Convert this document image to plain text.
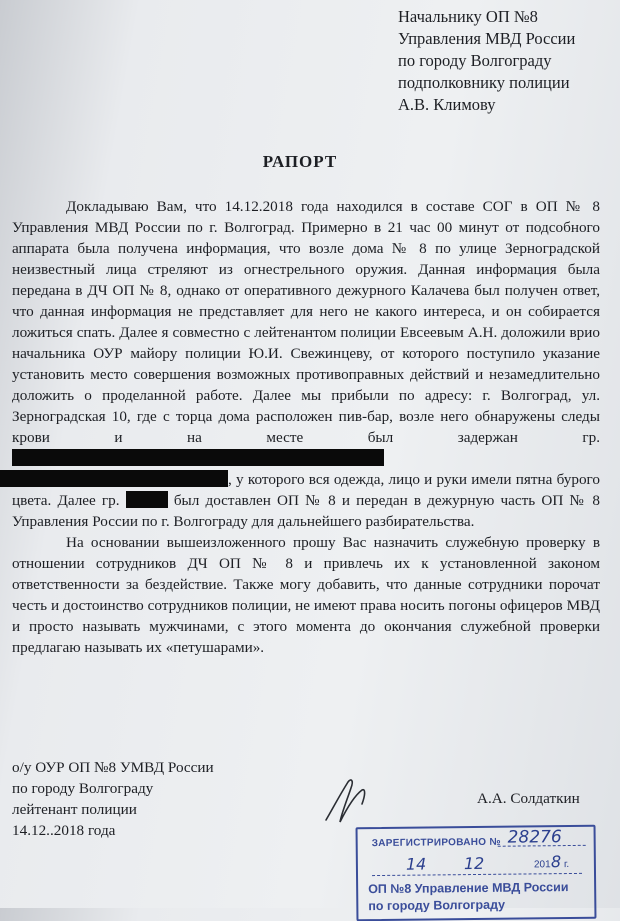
Начальнику ОП №8
Управления МВД России
по городу Волгограду
подполковнику полиции
А.В. Климову
РАПОРТ

Докладываю Вам, что 14.12.2018 года находился в составе СОГ в ОП № 8 Управления МВД России по г. Волгоград. Примерно в 21 час 00 минут от подсобного аппарата была получена информация, что возле дома № 8 по улице Зерноградской неизвестный лица стреляют из огнестрельного оружия. Данная информация была передана в ДЧ ОП № 8, однако от оперативного дежурного Калачева был получен ответ, что данная информация не представляет для него не какого интереса, и он собирается ложиться спать. Далее я совместно с лейтенантом полиции Евсеевым А.Н. доложили врио начальника ОУР майору полиции Ю.И. Свежинцеву, от которого поступило указание установить место совершения возможных противоправных действий и незамедлительно доложить о проделанной работе. Далее мы прибыли по адресу: г. Волгоград, ул. Зерноградская 10, где с торца дома расположен пив-бар, возле него обнаружены следы крови и на месте был задержан гр.
, у которого вся одежда, лицо и руки имели пятна бурого цвета. Далее гр.	был доставлен ОП № 8 и передан в дежурную часть ОП № 8 Управления России по г. Волгограду для дальнейшего разбирательства.

На основании вышеизложенного прошу Вас назначить служебную проверку в отношении сотрудников ДЧ ОП № 8 и привлечь их к установленной законом ответственности за бездействие. Также могу добавить, что данные сотрудники порочат честь и достоинство сотрудников полиции, не имеют права носить погоны офицеров МВД и просто называть мужчинами, с этого момента до окончания служебной проверки предлагаю называть их «петушарами».

о/у ОУР ОП №8 УМВД России
по городу Волгограду
лейтенант полиции
14.12..2018 года
А.А. Солдаткин
ЗАРЕГИСТРИРОВАНО № 28276
14 12	201 8 г.
ОП №8 Управление МВД России
по городу Волгограду
